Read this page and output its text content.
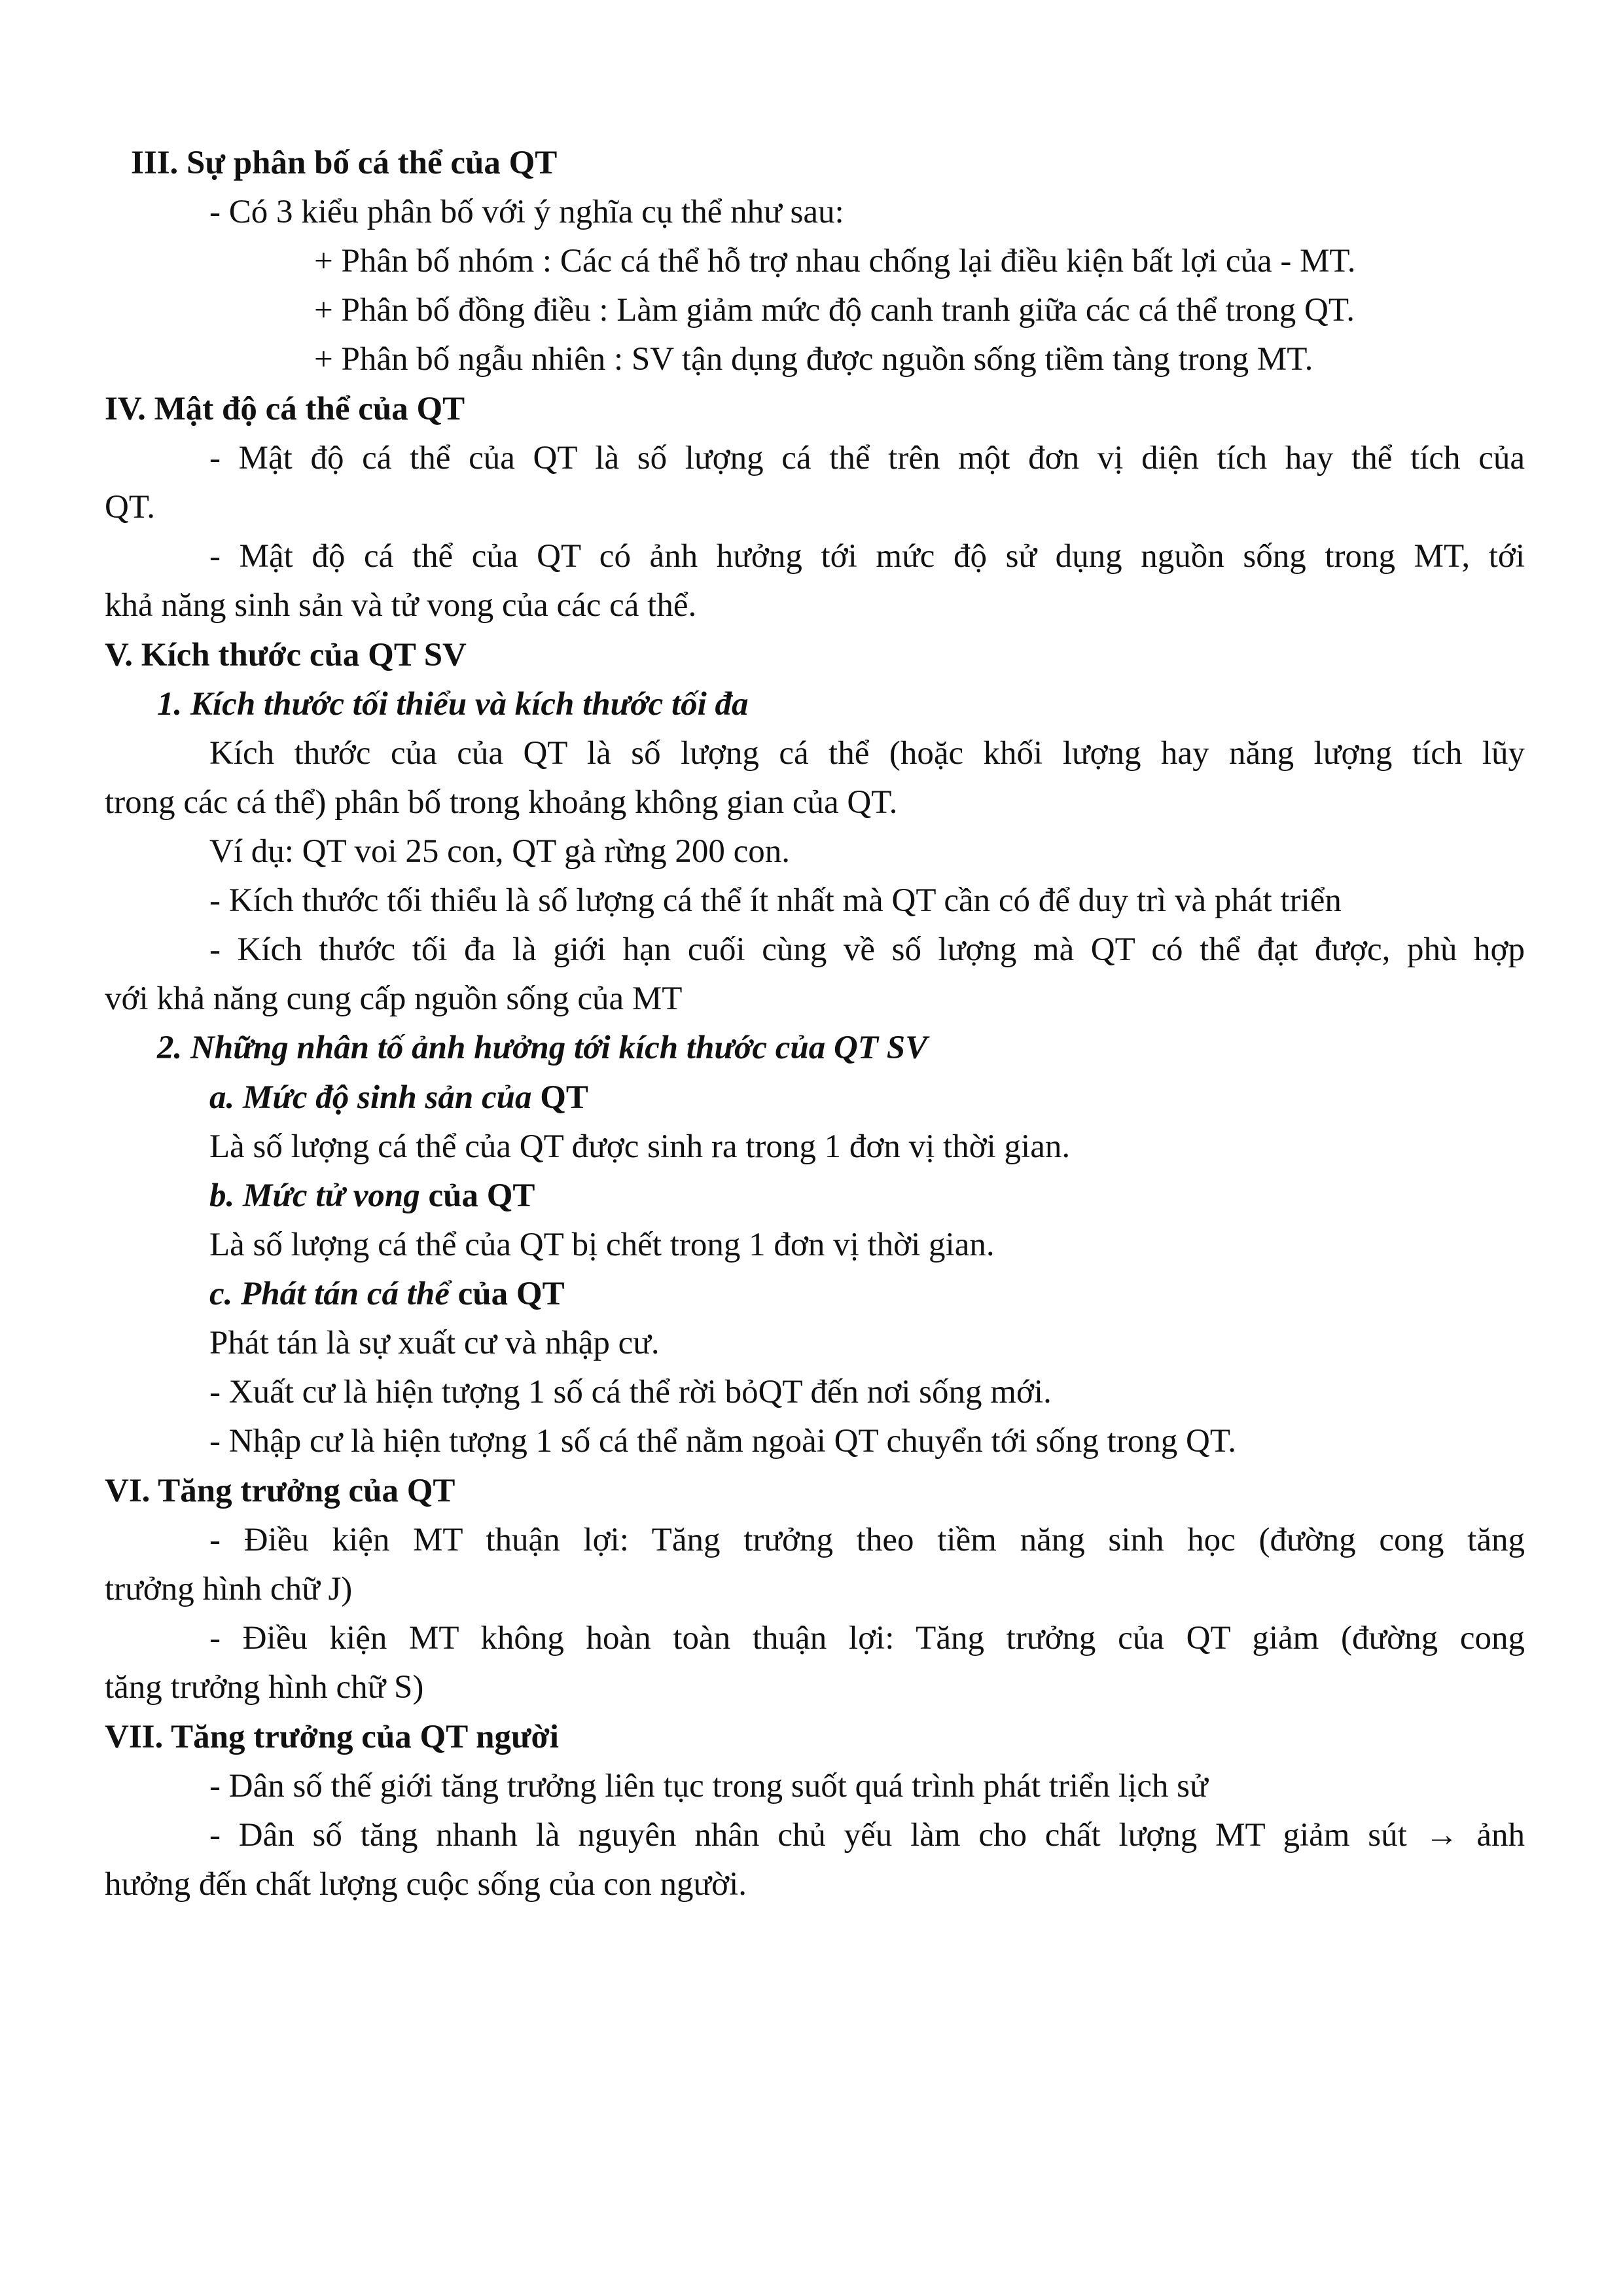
III. Sự phân bố cá thể của QT
- Có 3 kiểu phân bố với ý nghĩa cụ thể như sau:
+ Phân bố nhóm : Các cá thể hỗ trợ nhau chống lại điều kiện bất lợi của - MT.
+ Phân bố đồng điều : Làm giảm mức độ canh tranh giữa các cá thể trong QT.
+ Phân bố ngẫu nhiên : SV tận dụng được nguồn sống tiềm tàng trong MT.
IV. Mật độ cá thể của QT
- Mật độ cá thể của QT là số lượng cá thể trên một đơn vị diện tích hay thể tích của
QT.
- Mật độ cá thể của QT có ảnh hưởng tới mức độ sử dụng nguồn sống trong MT, tới
khả năng sinh sản và tử vong của các cá thể.
V. Kích thước của QT SV
1. Kích thước tối thiểu và kích thước tối đa
Kích thước của của QT là số lượng cá thể (hoặc khối lượng hay năng lượng tích lũy
trong các cá thể) phân bố trong khoảng không gian của QT.
Ví dụ: QT voi 25 con, QT gà rừng 200 con.
- Kích thước tối thiểu là số lượng cá thể ít nhất mà QT cần có để duy trì và phát triển
- Kích thước tối đa là giới hạn cuối cùng về số lượng mà QT có thể đạt được, phù hợp
với khả năng cung cấp nguồn sống của MT
2. Những nhân tố ảnh hưởng tới kích thước của QT SV
a. Mức độ sinh sản của QT
Là số lượng cá thể của QT được sinh ra trong 1 đơn vị thời gian.
b. Mức tử vong của QT
Là số lượng cá thể của QT bị chết trong 1 đơn vị thời gian.
c. Phát tán cá thể của QT
Phát tán là sự xuất cư và nhập cư.
- Xuất cư là hiện tượng 1 số cá thể rời bỏQT đến nơi sống mới.
- Nhập cư là hiện tượng 1 số cá thể nằm ngoài QT chuyển tới sống trong QT.
VI. Tăng trưởng của QT
- Điều kiện MT thuận lợi: Tăng trưởng theo tiềm năng sinh học (đường cong tăng
trưởng hình chữ J)
- Điều kiện MT không hoàn toàn thuận lợi: Tăng trưởng của QT giảm (đường cong
tăng trưởng hình chữ S)
VII. Tăng trưởng của QT người
- Dân số thế giới tăng trưởng liên tục trong suốt quá trình phát triển lịch sử
- Dân số tăng nhanh là nguyên nhân chủ yếu làm cho chất lượng MT giảm sút → ảnh
hưởng đến chất lượng cuộc sống của con người.
